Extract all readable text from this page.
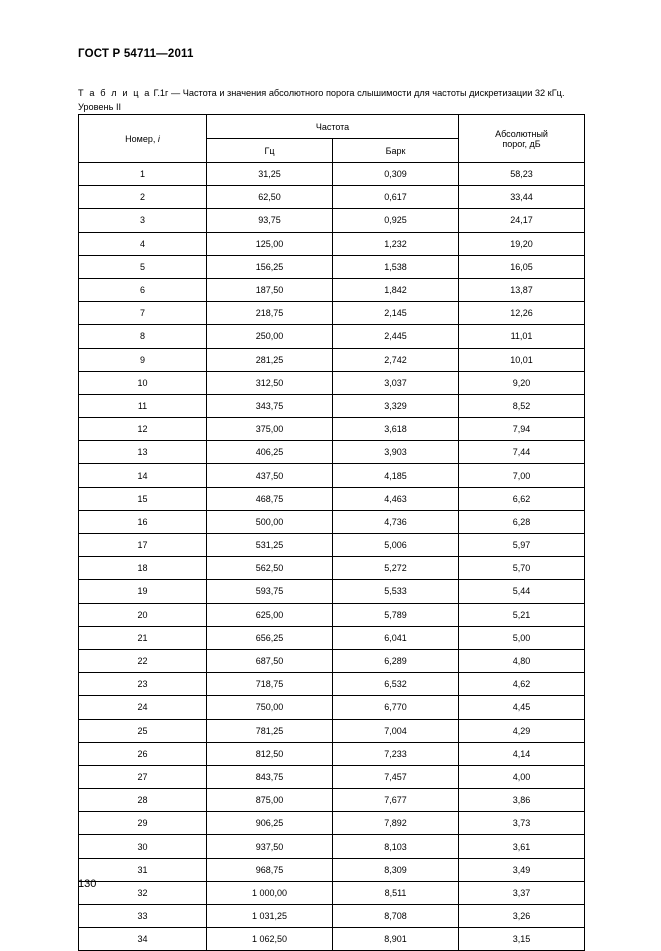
ГОСТ Р 54711—2011
Т а б л и ц а Г.1г — Частота и значения абсолютного порога слышимости для частоты дискретизации 32 кГц. Уровень II
Номер, i	Частота		Абсолютный
порог, дБ

	Гц	Барк	
1	31,25	0,309	58,23
2	62,50	0,617	33,44
3	93,75	0,925	24,17
4	125,00	1,232	19,20
5	156,25	1,538	16,05
6	187,50	1,842	13,87
7	218,75	2,145	12,26
8	250,00	2,445	11,01
9	281,25	2,742	10,01
10	312,50	3,037	9,20
11	343,75	3,329	8,52
12	375,00	3,618	7,94
13	406,25	3,903	7,44
14	437,50	4,185	7,00
15	468,75	4,463	6,62
16	500,00	4,736	6,28
17	531,25	5,006	5,97
18	562,50	5,272	5,70
19	593,75	5,533	5,44
20	625,00	5,789	5,21
21	656,25	6,041	5,00
22	687,50	6,289	4,80
23	718,75	6,532	4,62
24	750,00	6,770	4,45
25	781,25	7,004	4,29
26	812,50	7,233	4,14
27	843,75	7,457	4,00
28	875,00	7,677	3,86
29	906,25	7,892	3,73
30	937,50	8,103	3,61
31	968,75	8,309	3,49
32	1 000,00	8,511	3,37
33	1 031,25	8,708	3,26
34	1 062,50	8,901	3,15
130
